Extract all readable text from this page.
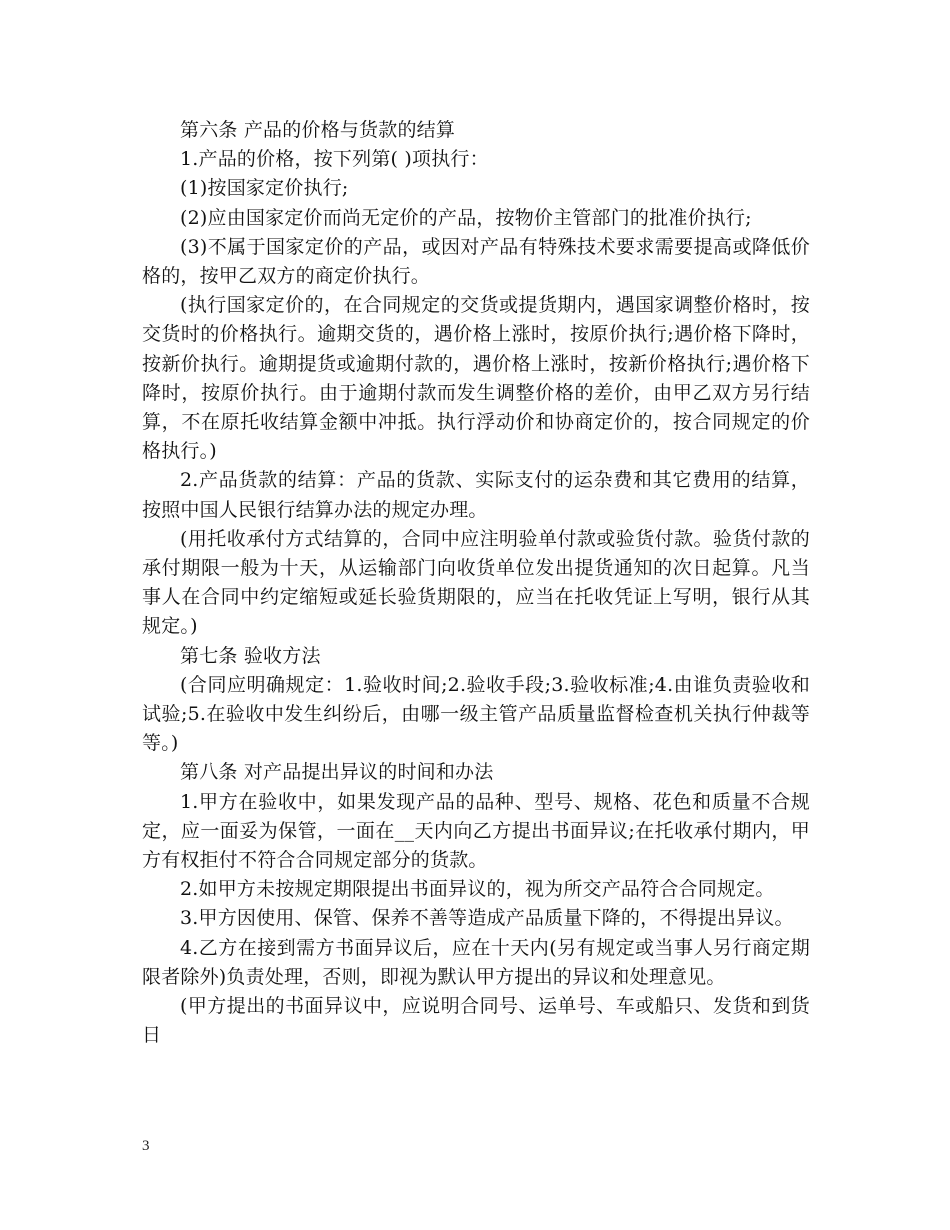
第六条 产品的价格与货款的结算

1.产品的价格，按下列第( )项执行：

(1)按国家定价执行;

(2)应由国家定价而尚无定价的产品，按物价主管部门的批准价执行;

(3)不属于国家定价的产品，或因对产品有特殊技术要求需要提高或降低价格的，按甲乙双方的商定价执行。

(执行国家定价的，在合同规定的交货或提货期内，遇国家调整价格时，按交货时的价格执行。逾期交货的，遇价格上涨时，按原价执行;遇价格下降时，按新价执行。逾期提货或逾期付款的，遇价格上涨时，按新价格执行;遇价格下降时，按原价执行。由于逾期付款而发生调整价格的差价，由甲乙双方另行结算，不在原托收结算金额中冲抵。执行浮动价和协商定价的，按合同规定的价格执行。)

2.产品货款的结算：产品的货款、实际支付的运杂费和其它费用的结算，按照中国人民银行结算办法的规定办理。

(用托收承付方式结算的，合同中应注明验单付款或验货付款。验货付款的承付期限一般为十天，从运输部门向收货单位发出提货通知的次日起算。凡当事人在合同中约定缩短或延长验货期限的，应当在托收凭证上写明，银行从其规定。)

第七条 验收方法

(合同应明确规定：1.验收时间;2.验收手段;3.验收标准;4.由谁负责验收和试验;5.在验收中发生纠纷后，由哪一级主管产品质量监督检查机关执行仲裁等等。)

第八条 对产品提出异议的时间和办法

1.甲方在验收中，如果发现产品的品种、型号、规格、花色和质量不合规定，应一面妥为保管，一面在__天内向乙方提出书面异议;在托收承付期内，甲方有权拒付不符合合同规定部分的货款。

2.如甲方未按规定期限提出书面异议的，视为所交产品符合合同规定。

3.甲方因使用、保管、保养不善等造成产品质量下降的，不得提出异议。

4.乙方在接到需方书面异议后，应在十天内(另有规定或当事人另行商定期限者除外)负责处理，否则，即视为默认甲方提出的异议和处理意见。

(甲方提出的书面异议中，应说明合同号、运单号、车或船只、发货和到货日

3
